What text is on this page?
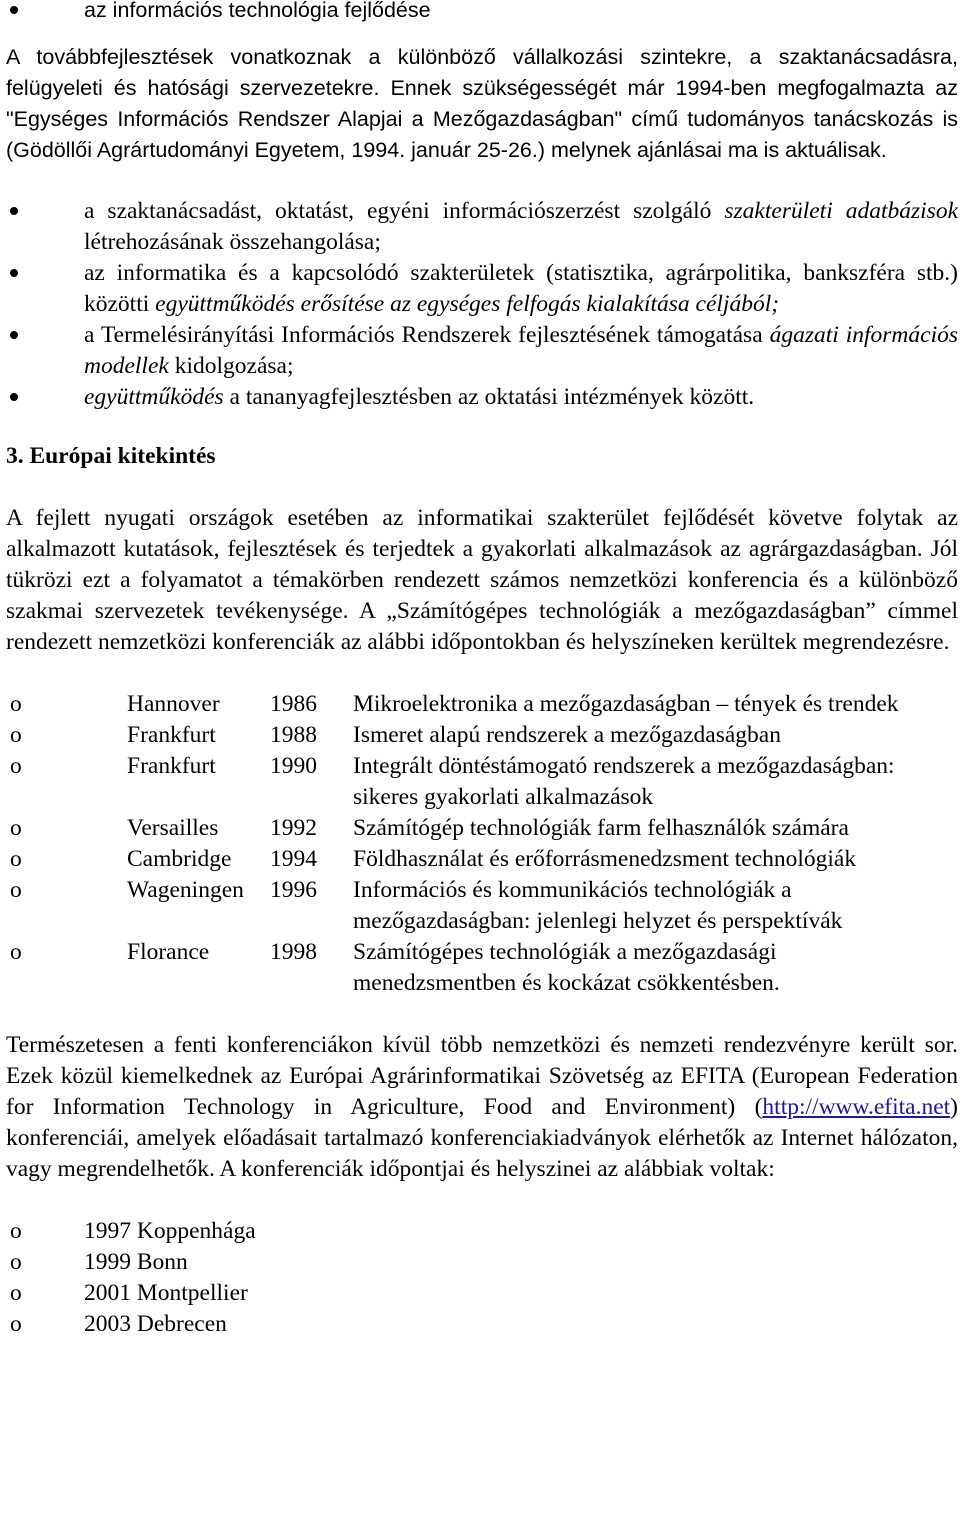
az információs technológia fejlődése

A továbbfejlesztések vonatkoznak a különböző vállalkozási szintekre, a szaktanácsadásra, felügyeleti és hatósági szervezetekre. Ennek szükségességét már 1994-ben megfogalmazta az "Egységes Információs Rendszer Alapjai a Mezőgazdaságban" című tudományos tanácskozás is (Gödöllői Agrártudományi Egyetem, 1994. január 25-26.) melynek ajánlásai ma is aktuálisak.

a szaktanácsadást, oktatást, egyéni információszerzést szolgáló szakterületi adatbázisok létrehozásának összehangolása;
az informatika és a kapcsolódó szakterületek (statisztika, agrárpolitika, bankszféra stb.) közötti együttműködés erősítése az egységes felfogás kialakítása céljából;
a Termelésirányítási Információs Rendszerek fejlesztésének támogatása ágazati információs modellek kidolgozása;
együttműködés a tananyagfejlesztésben az oktatási intézmények között.
3. Európai kitekintés

A fejlett nyugati országok esetében az informatikai szakterület fejlődését követve folytak az alkalmazott kutatások, fejlesztések és terjedtek a gyakorlati alkalmazások az agrárgazdaságban. Jól tükrözi ezt a folyamatot a témakörben rendezett számos nemzetközi konferencia és a különböző szakmai szervezetek tevékenysége. A „Számítógépes technológiák a mezőgazdaságban” címmel rendezett nemzetközi konferenciák az alábbi időpontokban és helyszíneken kerültek megrendezésre.

o	Hannover	1986	Mikroelektronika a mezőgazdaságban – tények és trendek
o	Frankfurt	1988	Ismeret alapú rendszerek a mezőgazdaságban
o	Frankfurt	1990	Integrált döntéstámogató rendszerek a mezőgazdaságban: sikeres gyakorlati alkalmazások
o	Versailles	1992	Számítógép technológiák farm felhasználók számára
o	Cambridge	1994	Földhasználat és erőforrásmenedzsment technológiák
o	Wageningen	1996	Információs és kommunikációs technológiák a mezőgazdaságban: jelenlegi helyzet és perspektívák
o	Florance	1998	Számítógépes technológiák a mezőgazdasági menedzsmentben és kockázat csökkentésben.

Természetesen a fenti konferenciákon kívül több nemzetközi és nemzeti rendezvényre került sor. Ezek közül kiemelkednek az Európai Agrárinformatikai Szövetség az EFITA (European Federation for Information Technology in Agriculture, Food and Environment) (http://www.efita.net) konferenciái, amelyek előadásait tartalmazó konferenciakiadványok elérhetők az Internet hálózaton, vagy megrendelhetők. A konferenciák időpontjai és helyszinei az alábbiak voltak:

o	1997 Koppenhága
o	1999 Bonn
o	2001 Montpellier
o	2003 Debrecen
